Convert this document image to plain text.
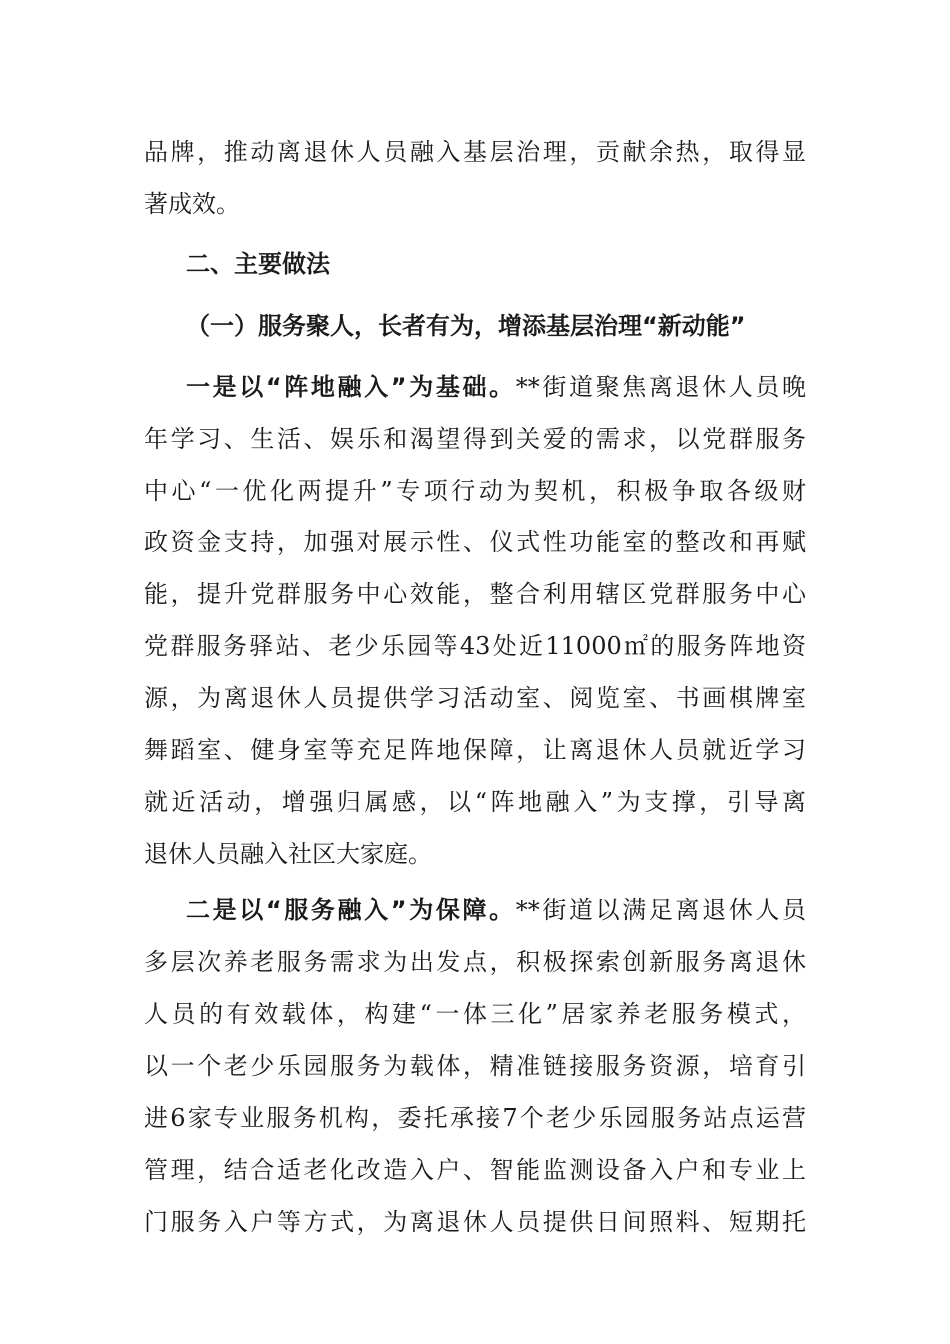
品牌，推动离退休人员融入基层治理，贡献余热，取得显
著成效。
二、主要做法
（一）服务聚人，长者有为，增添基层治理“新动能”
一是以“阵地融入”为基础。**街道聚焦离退休人员晚
年学习、生活、娱乐和渴望得到关爱的需求，以党群服务
中心“一优化两提升”专项行动为契机，积极争取各级财
政资金支持，加强对展示性、仪式性功能室的整改和再赋
能，提升党群服务中心效能，整合利用辖区党群服务中心
党群服务驿站、老少乐园等43处近11000㎡的服务阵地资
源，为离退休人员提供学习活动室、阅览室、书画棋牌室
舞蹈室、健身室等充足阵地保障，让离退休人员就近学习
就近活动，增强归属感，以“阵地融入”为支撑，引导离
退休人员融入社区大家庭。
二是以“服务融入”为保障。**街道以满足离退休人员
多层次养老服务需求为出发点，积极探索创新服务离退休
人员的有效载体，构建“一体三化”居家养老服务模式，
以一个老少乐园服务为载体，精准链接服务资源，培育引
进6家专业服务机构，委托承接7个老少乐园服务站点运营
管理，结合适老化改造入户、智能监测设备入户和专业上
门服务入户等方式，为离退休人员提供日间照料、短期托
